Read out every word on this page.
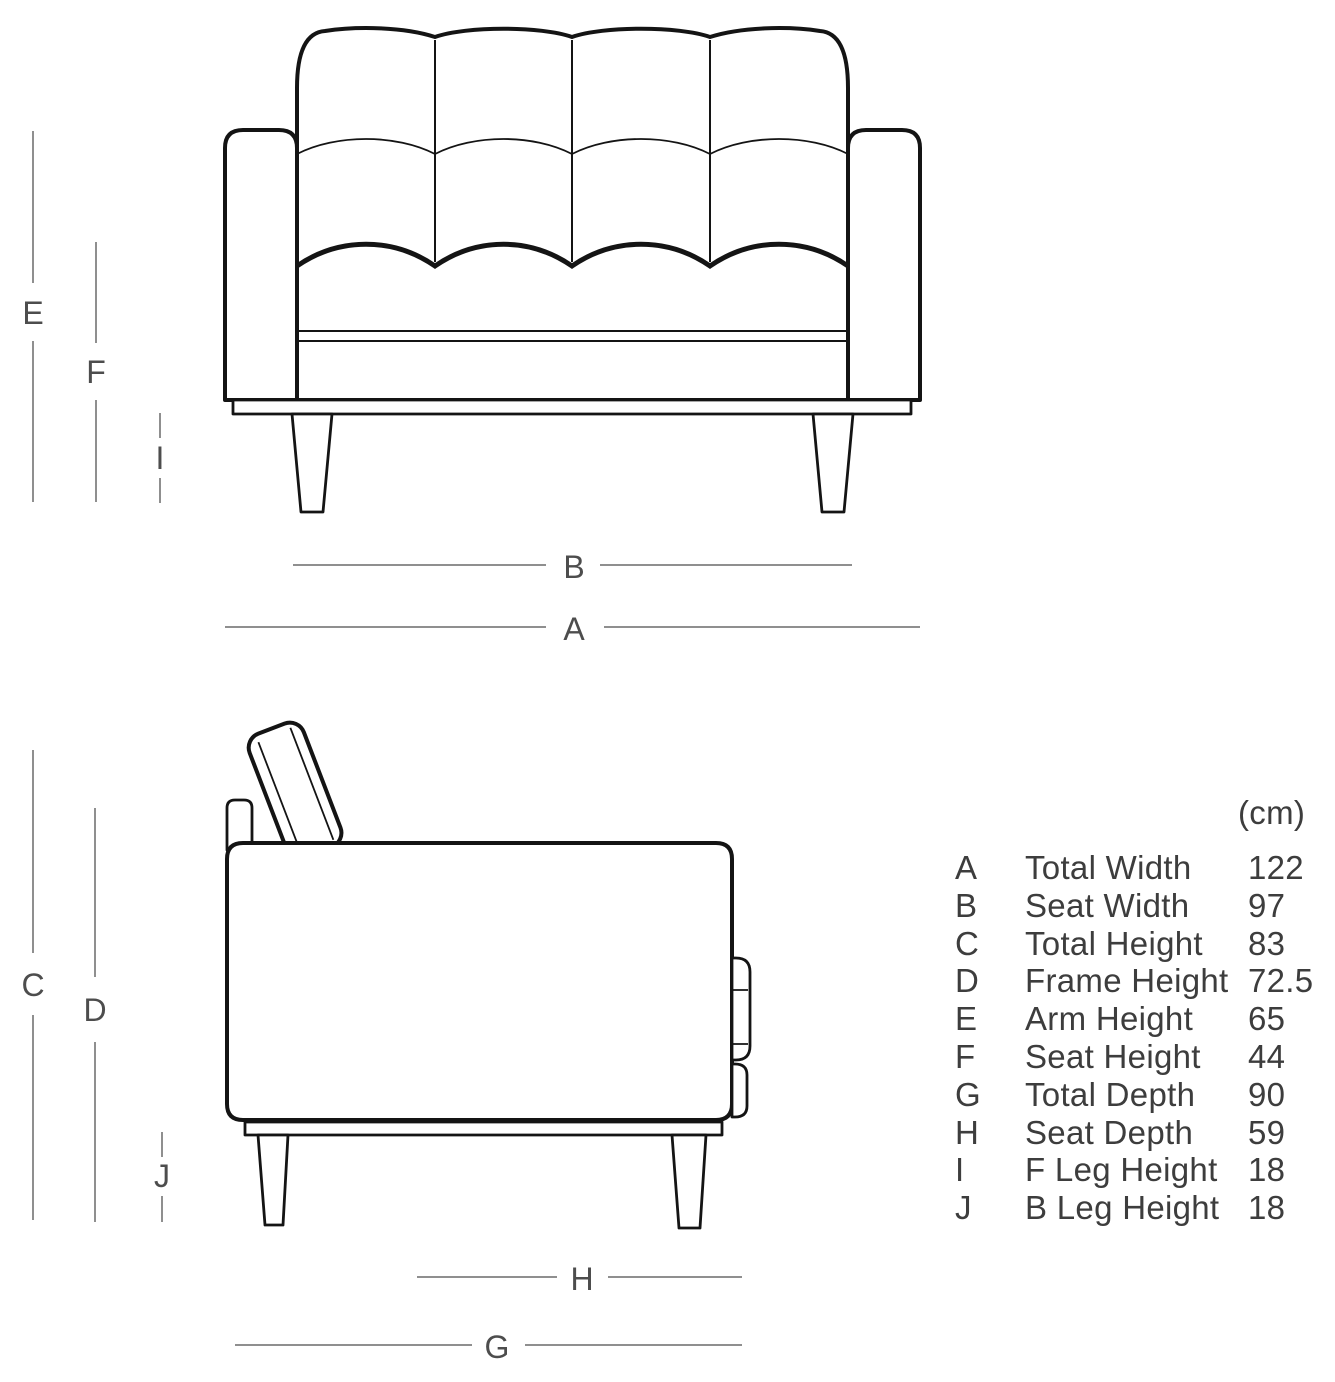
E
F
I
B
A
C
D
J
H
G
(cm)
A	Total Width	122
B	Seat Width	97
C	Total Height	83
D	Frame Height 72.5
E	Arm Height	65
F	Seat Height	44
G	Total Depth	90
H	Seat Depth	59
I	F Leg Height 18
J	B Leg Height 18
